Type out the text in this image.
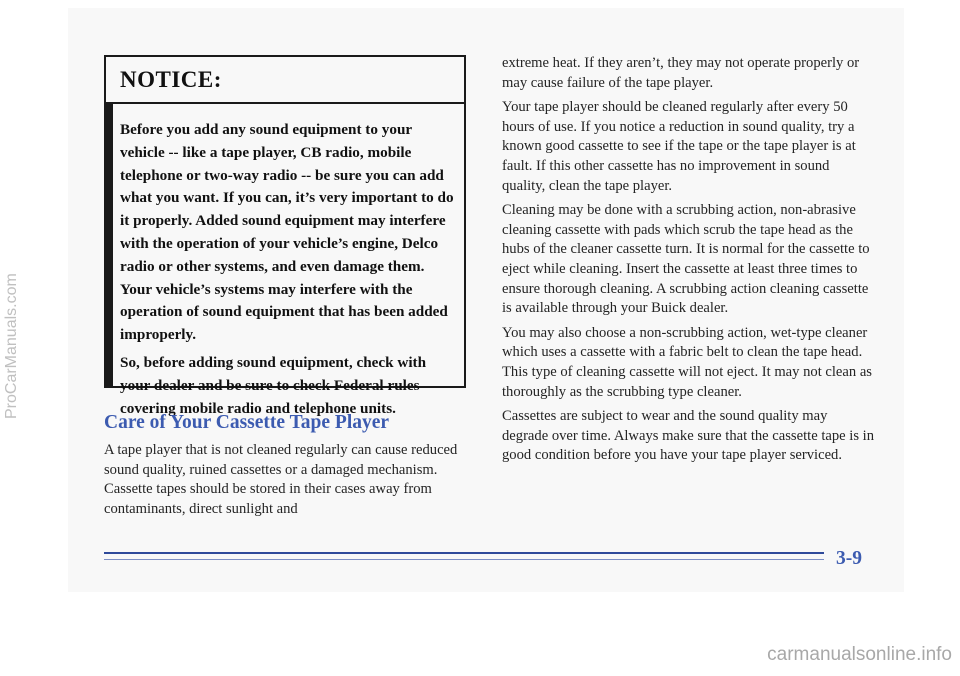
ProCarManuals.com
NOTICE:

Before you add any sound equipment to your vehicle -- like a tape player, CB radio, mobile telephone or two-way radio -- be sure you can add what you want. If you can, it’s very important to do it properly. Added sound equipment may interfere with the operation of your vehicle’s engine, Delco radio or other systems, and even damage them. Your vehicle’s systems may interfere with the operation of sound equipment that has been added improperly.

So, before adding sound equipment, check with your dealer and be sure to check Federal rules covering mobile radio and telephone units.

Care of Your Cassette Tape Player

A tape player that is not cleaned regularly can cause reduced sound quality, ruined cassettes or a damaged mechanism. Cassette tapes should be stored in their cases away from contaminants, direct sunlight and

extreme heat. If they aren’t, they may not operate properly or may cause failure of the tape player.

Your tape player should be cleaned regularly after every 50 hours of use. If you notice a reduction in sound quality, try a known good cassette to see if the tape or the tape player is at fault. If this other cassette has no improvement in sound quality, clean the tape player.

Cleaning may be done with a scrubbing action, non-abrasive cleaning cassette with pads which scrub the tape head as the hubs of the cleaner cassette turn. It is normal for the cassette to eject while cleaning. Insert the cassette at least three times to ensure thorough cleaning. A scrubbing action cleaning cassette is available through your Buick dealer.

You may also choose a non-scrubbing action, wet-type cleaner which uses a cassette with a fabric belt to clean the tape head. This type of cleaning cassette will not eject. It may not clean as thoroughly as the scrubbing type cleaner.

Cassettes are subject to wear and the sound quality may degrade over time. Always make sure that the cassette tape is in good condition before you have your tape player serviced.

3-9
carmanualsonline.info
